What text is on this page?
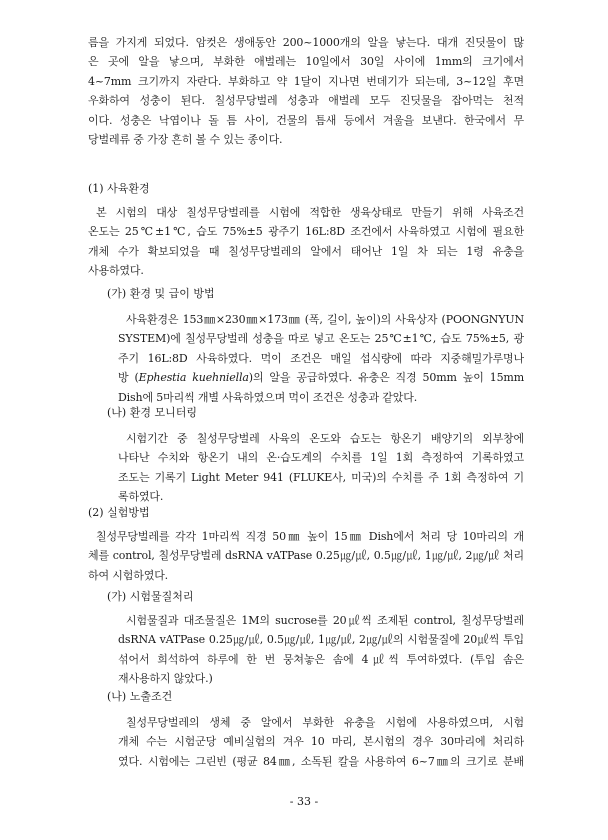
름을 가지게 되었다. 암컷은 생애동안 200~1000개의 알을 낳는다. 대개 진딧물이 많
은 곳에 알을 낳으며, 부화한 애벌레는 10일에서 30일 사이에 1mm의 크기에서
4~7mm 크기까지 자란다. 부화하고 약 1달이 지나면 번데기가 되는데, 3~12일 후면
우화하여 성충이 된다. 칠성무당벌레 성충과 애벌레 모두 진딧물을 잡아먹는 천적
이다. 성충은 낙엽이나 돌 틈 사이, 건물의 틈새 등에서 겨울을 보낸다. 한국에서 무
당벌레류 중 가장 흔히 볼 수 있는 종이다.
(1) 사육환경
본 시험의 대상 칠성무당벌레를 시험에 적합한 생육상태로 만들기 위해 사육조건
온도는 25℃±1℃, 습도 75%±5 광주기 16L:8D 조건에서 사육하였고 시험에 필요한
개체 수가 확보되었을 때 칠성무당벌레의 알에서 태어난 1일 차 되는 1령 유충을
사용하였다.
(가) 환경 및 급이 방법
사육환경은 153㎜×230㎜×173㎜ (폭, 길이, 높이)의 사육상자 (POONGNYUN
SYSTEM)에 칠성무당벌레 성충을 따로 넣고 온도는 25℃±1℃, 습도 75%±5, 광
주기 16L:8D 사육하였다. 먹이 조건은 매일 섭식량에 따라 지중해밀가루명나
방 (Ephestia kuehniella)의 알을 공급하였다. 유충은 직경 50mm 높이 15mm
Dish에 5마리씩 개별 사육하였으며 먹이 조건은 성충과 같았다.
(나) 환경 모니터링
시험기간 중 칠성무당벌레 사육의 온도와 습도는 항온기 배양기의 외부창에
나타난 수치와 항온기 내의 온·습도계의 수치를 1일 1회 측정하여 기록하였고
조도는 기록기 Light Meter 941 (FLUKE사, 미국)의 수치를 주 1회 측정하여 기
록하였다.
(2) 실험방법
칠성무당벌레를 각각 1마리씩 직경 50㎜ 높이 15㎜ Dish에서 처리 당 10마리의 개
체를 control, 칠성무당벌레 dsRNA vATPase 0.25㎍/㎕, 0.5㎍/㎕, 1㎍/㎕, 2㎍/㎕ 처리
하여 시험하였다.
(가) 시험물질처리
시험물질과 대조물질은 1M의 sucrose를 20㎕씩 조제된 control, 칠성무당벌레
dsRNA vATPase 0.25㎍/㎕, 0.5㎍/㎕, 1㎍/㎕, 2㎍/㎕의 시험물질에 20㎕씩 투입
섞어서 희석하여 하루에 한 번 뭉쳐놓은 솜에 4㎕씩 투여하였다. (투입 솜은
재사용하지 않았다.)
(나) 노출조건
칠성무당벌레의 생체 중 알에서 부화한 유충을 시험에 사용하였으며, 시험
개체 수는 시험군당 예비실험의 겨우 10 마리, 본시험의 경우 30마리에 처리하
였다. 시험에는 그린빈 (평균 84㎜, 소독된 칼을 사용하여 6~7㎜의 크기로 분배
- 33 -
